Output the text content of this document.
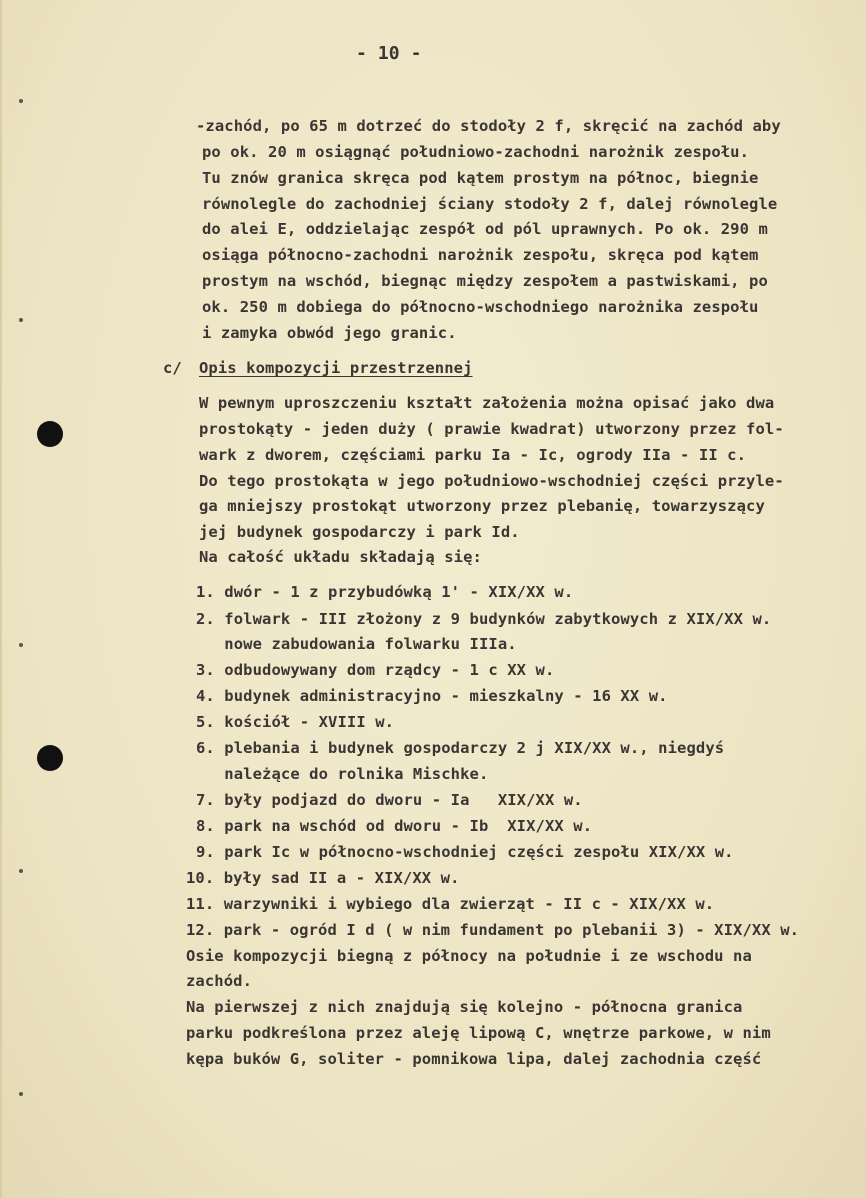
- 10 -
-zachód, po 65 m dotrzeć do stodoły 2 f, skręcić na zachód aby
po ok. 20 m osiągnąć południowo-zachodni narożnik zespołu.
Tu znów granica skręca pod kątem prostym na północ, biegnie
równolegle do zachodniej ściany stodoły 2 f, dalej równolegle
do alei E, oddzielając zespół od pól uprawnych. Po ok. 290 m
osiąga północno-zachodni narożnik zespołu, skręca pod kątem
prostym na wschód, biegnąc między zespołem a pastwiskami, po
ok. 250 m dobiega do północno-wschodniego narożnika zespołu
i zamyka obwód jego granic.
c/ Opis kompozycji przestrzennej
W pewnym uproszczeniu kształt założenia można opisać jako dwa
prostokąty - jeden duży ( prawie kwadrat) utworzony przez fol-
wark z dworem, częściami parku Ia - Ic, ogrody IIa - II c.
Do tego prostokąta w jego południowo-wschodniej części przyle-
ga mniejszy prostokąt utworzony przez plebanię, towarzyszący
jej budynek gospodarczy i park Id.
Na całość układu składają się:
1. dwór - 1 z przybudówką 1' - XIX/XX w.
2. folwark - III złożony z 9 budynków zabytkowych z XIX/XX w.
nowe zabudowania folwarku IIIa.
3. odbudowywany dom rządcy - 1 c XX w.
4. budynek administracyjno - mieszkalny - 16 XX w.
5. kościół - XVIII w.
6. plebania i budynek gospodarczy 2 j XIX/XX w., niegdyś
należące do rolnika Mischke.
7. były podjazd do dworu - Ia   XIX/XX w.
8. park na wschód od dworu - Ib  XIX/XX w.
9. park Ic w północno-wschodniej części zespołu XIX/XX w.
10. były sad II a - XIX/XX w.
11. warzywniki i wybiego dla zwierząt - II c - XIX/XX w.
12. park - ogród I d ( w nim fundament po plebanii 3) - XIX/XX w.
Osie kompozycji biegną z północy na południe i ze wschodu na
zachód.
Na pierwszej z nich znajdują się kolejno - północna granica
parku podkreślona przez aleję lipową C, wnętrze parkowe, w nim
kępa buków G, soliter - pomnikowa lipa, dalej zachodnia część
